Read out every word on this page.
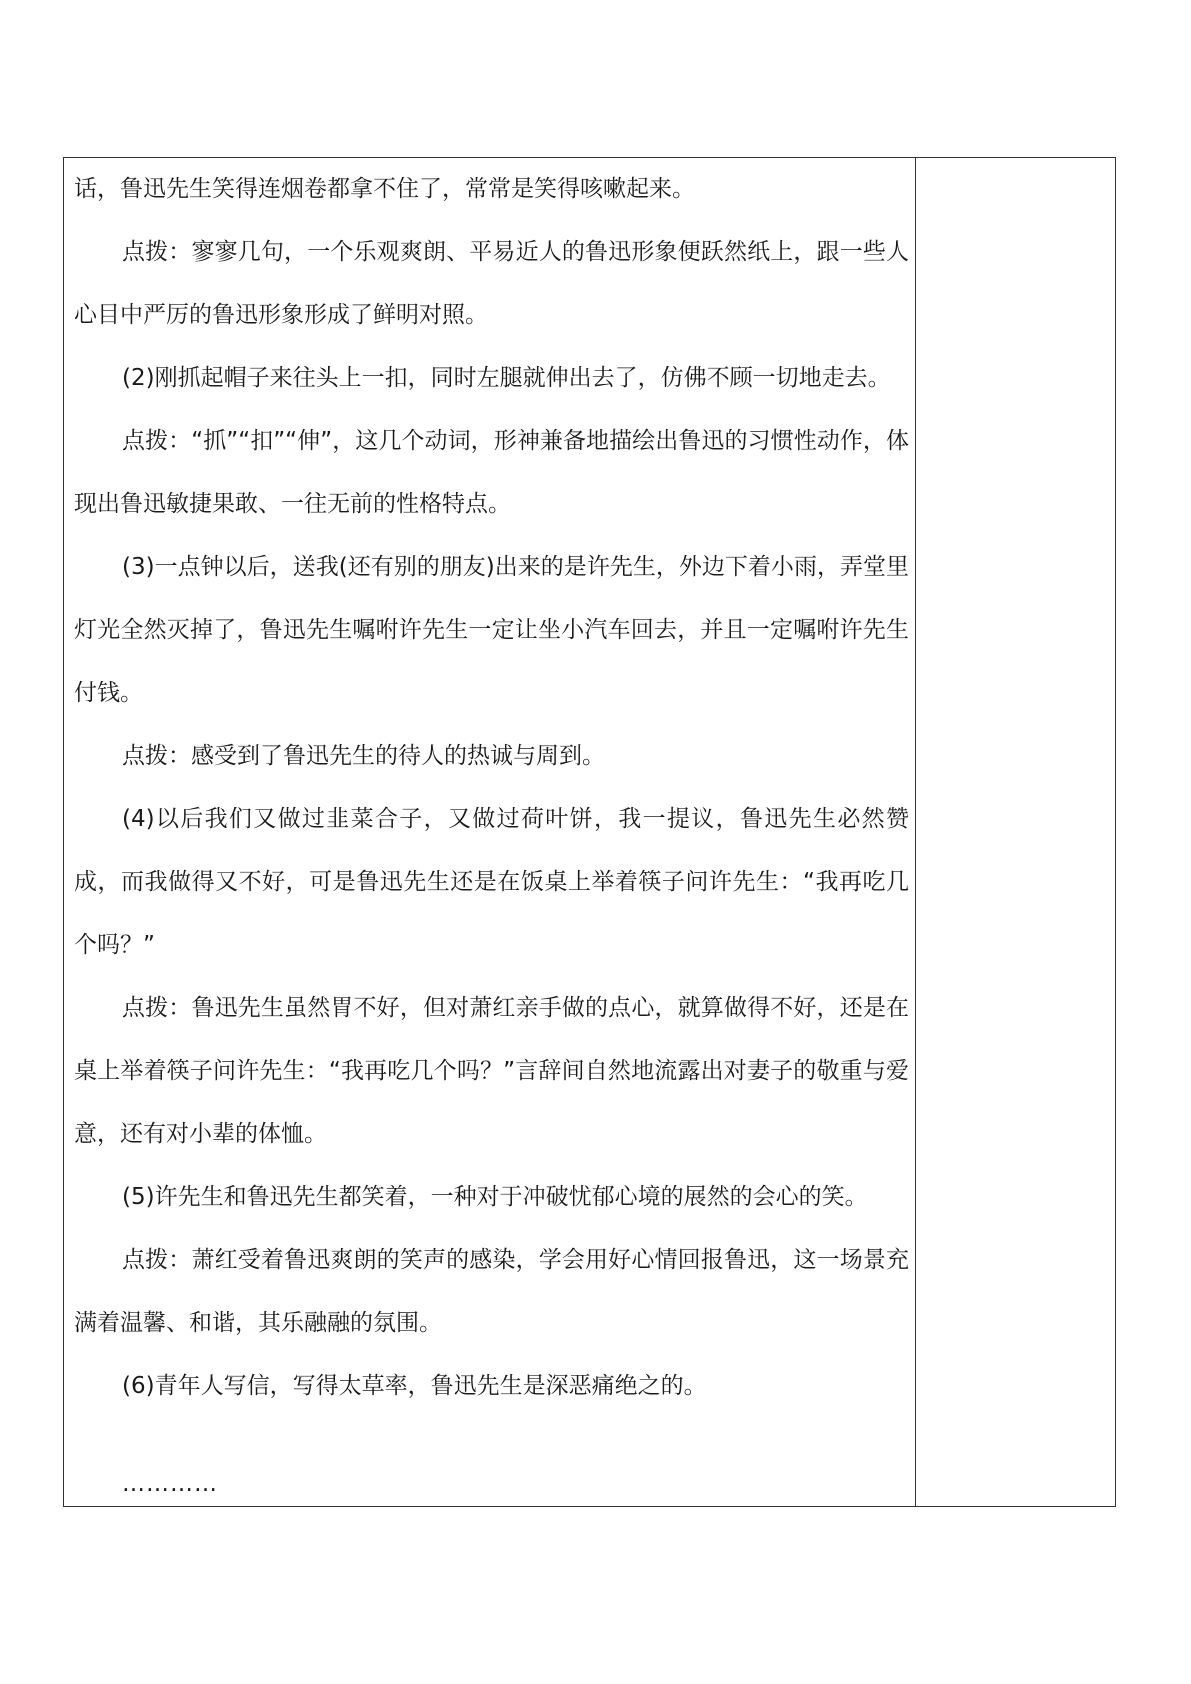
话，鲁迅先生笑得连烟卷都拿不住了，常常是笑得咳嗽起来。

点拨：寥寥几句，一个乐观爽朗、平易近人的鲁迅形象便跃然纸上，跟一些人心目中严厉的鲁迅形象形成了鲜明对照。

(2)刚抓起帽子来往头上一扣，同时左腿就伸出去了，仿佛不顾一切地走去。

点拨：“抓”“扣”“伸”，这几个动词，形神兼备地描绘出鲁迅的习惯性动作，体现出鲁迅敏捷果敢、一往无前的性格特点。

(3)一点钟以后，送我(还有别的朋友)出来的是许先生，外边下着小雨，弄堂里灯光全然灭掉了，鲁迅先生嘱咐许先生一定让坐小汽车回去，并且一定嘱咐许先生付钱。

点拨：感受到了鲁迅先生的待人的热诚与周到。

(4)以后我们又做过韭菜合子，又做过荷叶饼，我一提议，鲁迅先生必然赞成，而我做得又不好，可是鲁迅先生还是在饭桌上举着筷子问许先生：“我再吃几个吗？”

点拨：鲁迅先生虽然胃不好，但对萧红亲手做的点心，就算做得不好，还是在桌上举着筷子问许先生：“我再吃几个吗？”言辞间自然地流露出对妻子的敬重与爱意，还有对小辈的体恤。

(5)许先生和鲁迅先生都笑着，一种对于冲破忧郁心境的展然的会心的笑。

点拨：萧红受着鲁迅爽朗的笑声的感染，学会用好心情回报鲁迅，这一场景充满着温馨、和谐，其乐融融的氛围。

(6)青年人写信，写得太草率，鲁迅先生是深恶痛绝之的。

…………
